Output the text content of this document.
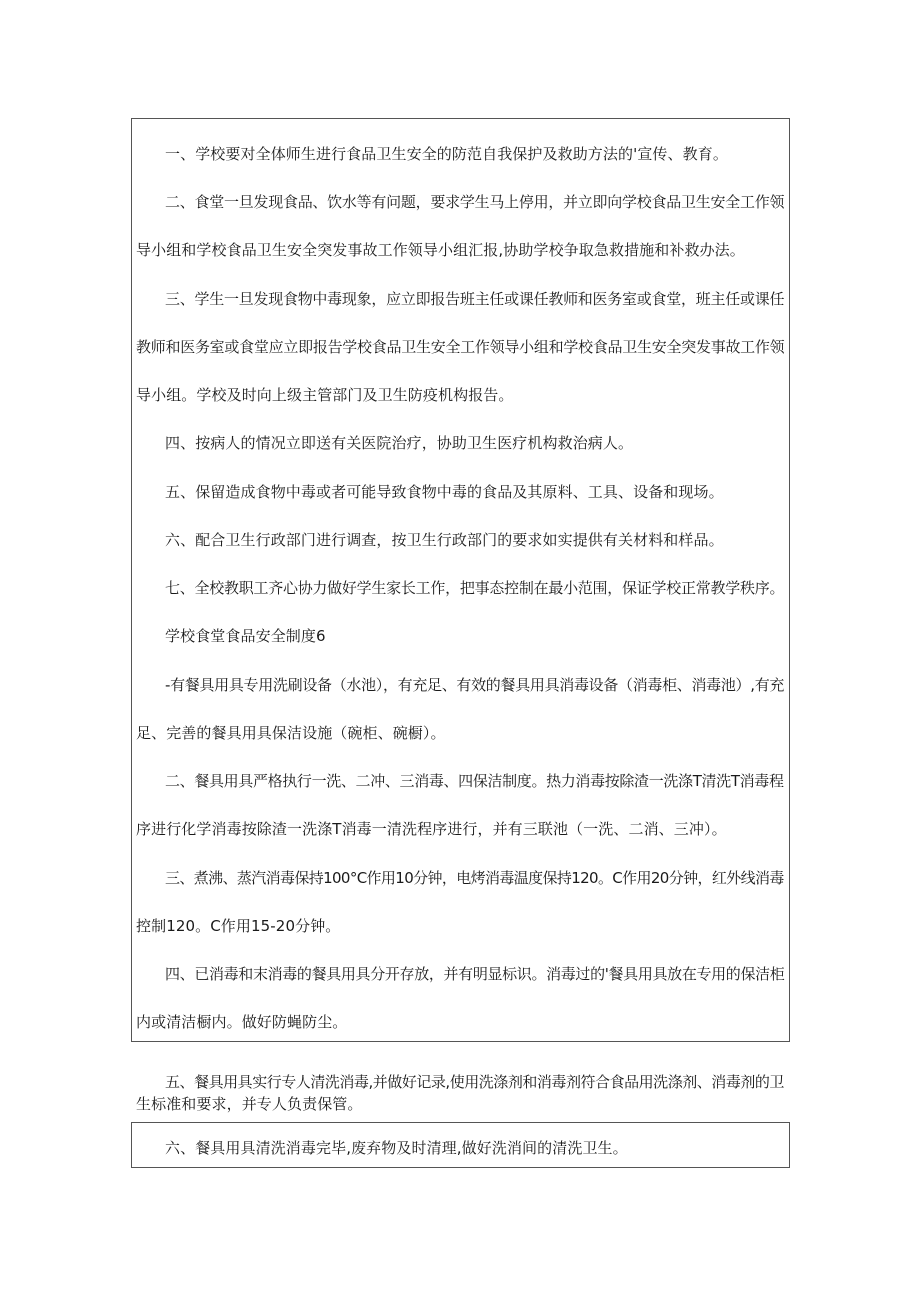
一、学校要对全体师生进行食品卫生安全的防范自我保护及救助方法的'宣传、教育。
二、食堂一旦发现食品、饮水等有问题，要求学生马上停用，并立即向学校食品卫生安全工作领
导小组和学校食品卫生安全突发事故工作领导小组汇报,协助学校争取急救措施和补救办法。
三、学生一旦发现食物中毒现象，应立即报告班主任或课任教师和医务室或食堂，班主任或课任
教师和医务室或食堂应立即报告学校食品卫生安全工作领导小组和学校食品卫生安全突发事故工作领
导小组。学校及时向上级主管部门及卫生防疫机构报告。
四、按病人的情况立即送有关医院治疗，协助卫生医疗机构救治病人。
五、保留造成食物中毒或者可能导致食物中毒的食品及其原料、工具、设备和现场。
六、配合卫生行政部门进行调查，按卫生行政部门的要求如实提供有关材料和样品。
七、全校教职工齐心协力做好学生家长工作，把事态控制在最小范围，保证学校正常教学秩序。
学校食堂食品安全制度6
-有餐具用具专用洗刷设备（水池），有充足、有效的餐具用具消毒设备（消毒柜、消毒池）,有充
足、完善的餐具用具保洁设施（碗柜、碗橱）。
二、餐具用具严格执行一洗、二冲、三消毒、四保洁制度。热力消毒按除渣一洗涤T清洗T消毒程
序进行化学消毒按除渣一洗涤T消毒一清洗程序进行，并有三联池（一洗、二消、三冲）。
三、煮沸、蒸汽消毒保持100°C作用10分钟，电烤消毒温度保持120。C作用20分钟，红外线消毒
控制120。C作用15-20分钟。
四、已消毒和末消毒的餐具用具分开存放，并有明显标识。消毒过的'餐具用具放在专用的保洁柜
内或清洁橱内。做好防蝇防尘。
五、餐具用具实行专人清洗消毒,并做好记录,使用洗涤剂和消毒剂符合食品用洗涤剂、消毒剂的卫
生标准和要求，并专人负责保管。
六、餐具用具清洗消毒完毕,废弃物及时清理,做好洗消间的清洗卫生。
